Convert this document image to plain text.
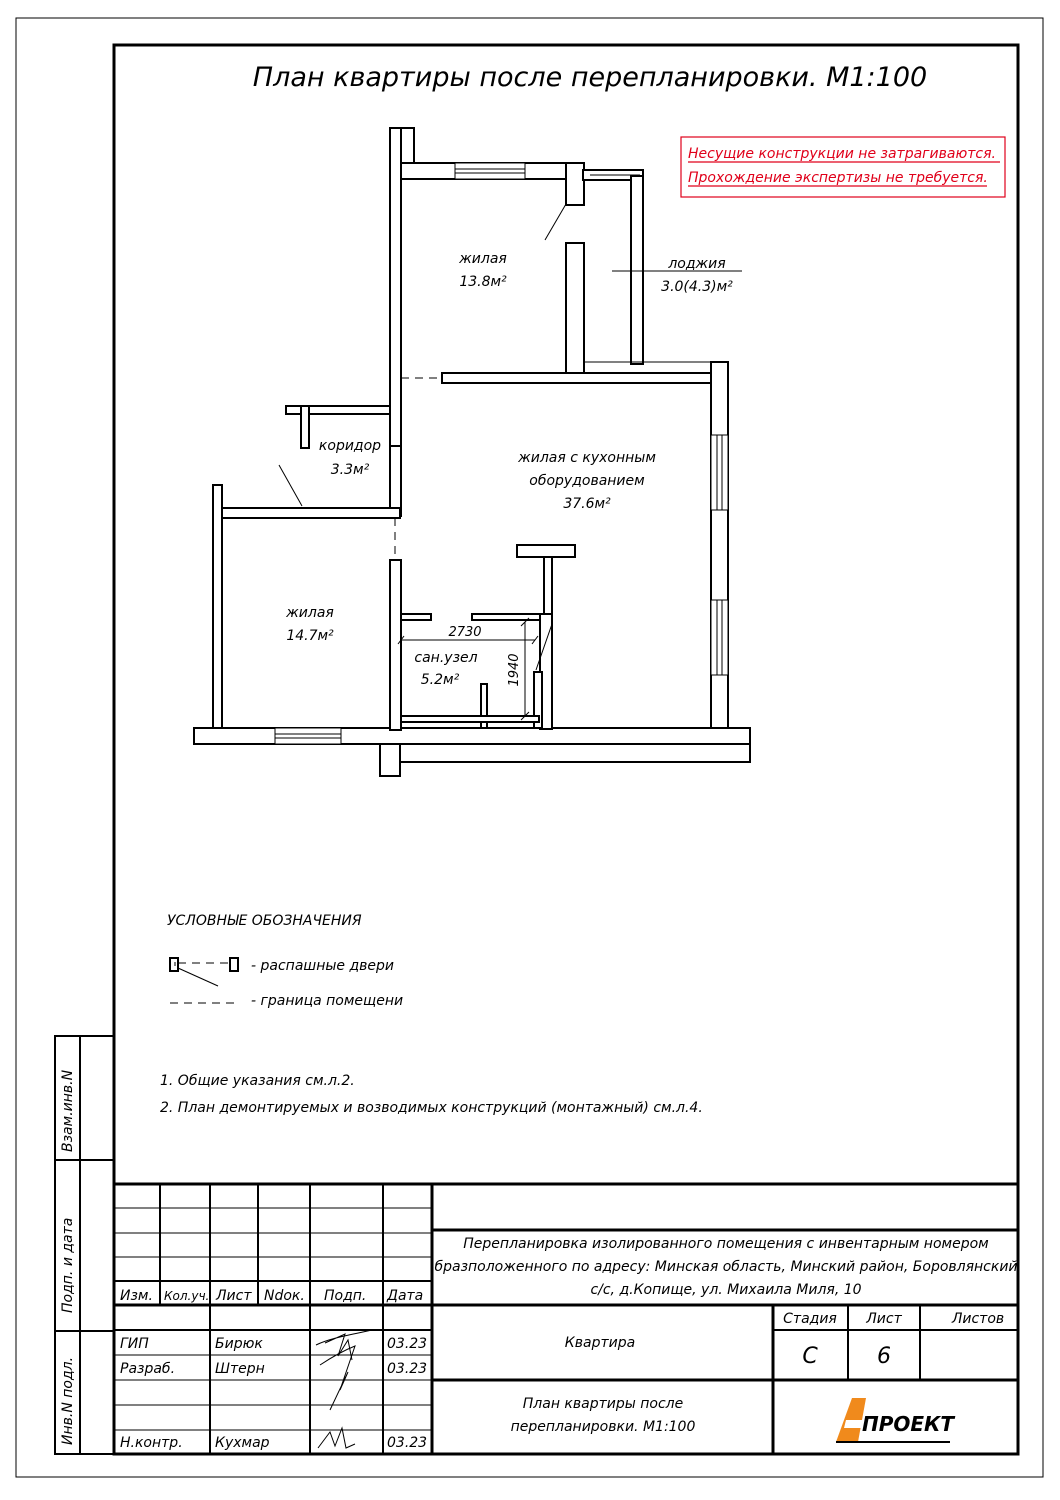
План квартиры после перепланировки. М1:100
Несущие конструкции не затрагиваются.
Прохождение экспертизы не требуется.
2730
1940
жилая
13.8м²
лоджия
3.0(4.3)м²
коридор
3.3м²
жилая с кухонным
оборудованием
37.6м²
жилая
14.7м²
сан.узел
5.2м²
УСЛОВНЫЕ ОБОЗНАЧЕНИЯ
- распашные двери
- граница помещени
1. Общие указания см.л.2.
2. План демонтируемых и возводимых конструкций (монтажный) см.л.4.
Взам.инв.N
Подп. и дата
Инв.N подл.
Изм. Кол.уч. Лист Ndок. Подп. Дата
ГИП	Бирюк	03.23
Разраб.	Штерн	03.23
Н.контр. Кухмар	03.23
Перепланировка изолированного помещения с инвентарным номером
бразположенного по адресу: Минская область, Минский район, Боровлянский
с/с, д.Копище, ул. Михаила Миля, 10
Квартира
Стадия Лист	Листов
С	6
План квартиры после
перепланировки. М1:100	ПРОЕКТ
